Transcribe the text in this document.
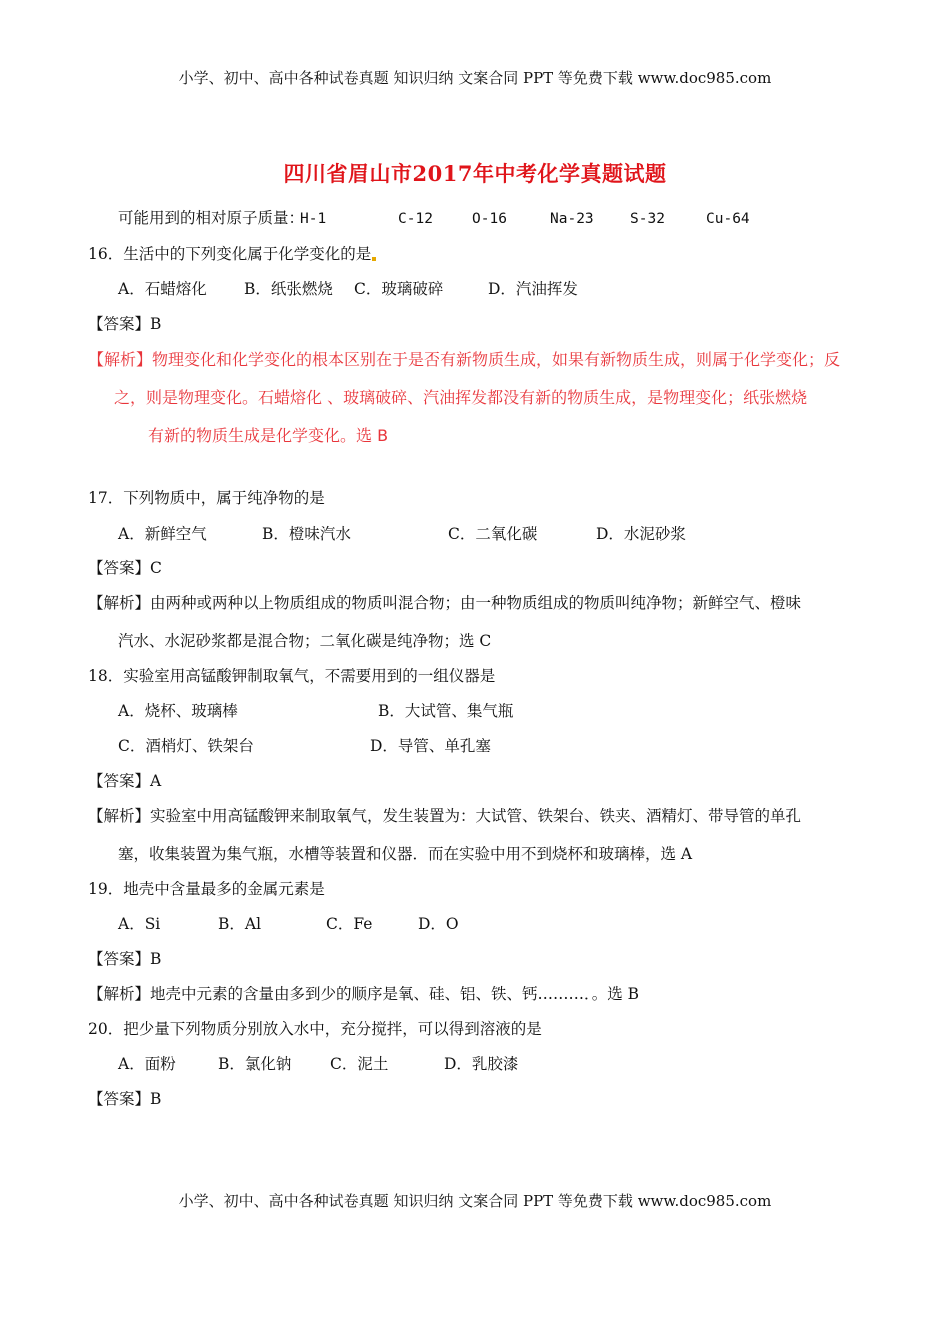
小学、初中、高中各种试卷真题 知识归纳 文案合同 PPT 等免费下载 www.doc985.com
四川省眉山市2017年中考化学真题试题
可能用到的相对原子质量：
H-1	C-12	O-16	Na-23	S-32	Cu-64
16．生活中的下列变化属于化学变化的是
A．石蜡熔化 B．纸张燃烧 C．玻璃破碎	D．汽油挥发
【答案】B
【解析】物理变化和化学变化的根本区别在于是否有新物质生成，如果有新物质生成，则属于化学变化；反
之，则是物理变化。石蜡熔化 、玻璃破碎、汽油挥发都没有新的物质生成，是物理变化；纸张燃烧
有新的物质生成是化学变化。选 B
17．下列物质中，属于纯净物的是
A．新鲜空气	B．橙味汽水	C．二氧化碳	D．水泥砂浆
【答案】C
【解析】由两种或两种以上物质组成的物质叫混合物；由一种物质组成的物质叫纯净物；新鲜空气、橙味
汽水、水泥砂浆都是混合物；二氧化碳是纯净物；选 C
18．实验室用高锰酸钾制取氧气，不需要用到的一组仪器是
A．烧杯、玻璃棒	B．大试管、集气瓶
C．酒梢灯、铁架台	D．导管、单孔塞
【答案】A
【解析】实验室中用高锰酸钾来制取氧气，发生装置为：大试管、铁架台、铁夹、酒精灯、带导管的单孔
塞，收集装置为集气瓶，水槽等装置和仪器．而在实验中用不到烧杯和玻璃棒，选 A
19．地壳中含量最多的金属元素是
A．Si	B．Al	C．Fe	D．O
【答案】B
【解析】地壳中元素的含量由多到少的顺序是氧、硅、铝、铁、钙………．。选 B
20．把少量下列物质分别放入水中，充分搅拌，可以得到溶液的是
A．面粉	B．氯化钠 C．泥土	D．乳胶漆
【答案】B
小学、初中、高中各种试卷真题 知识归纳 文案合同 PPT 等免费下载 www.doc985.com
